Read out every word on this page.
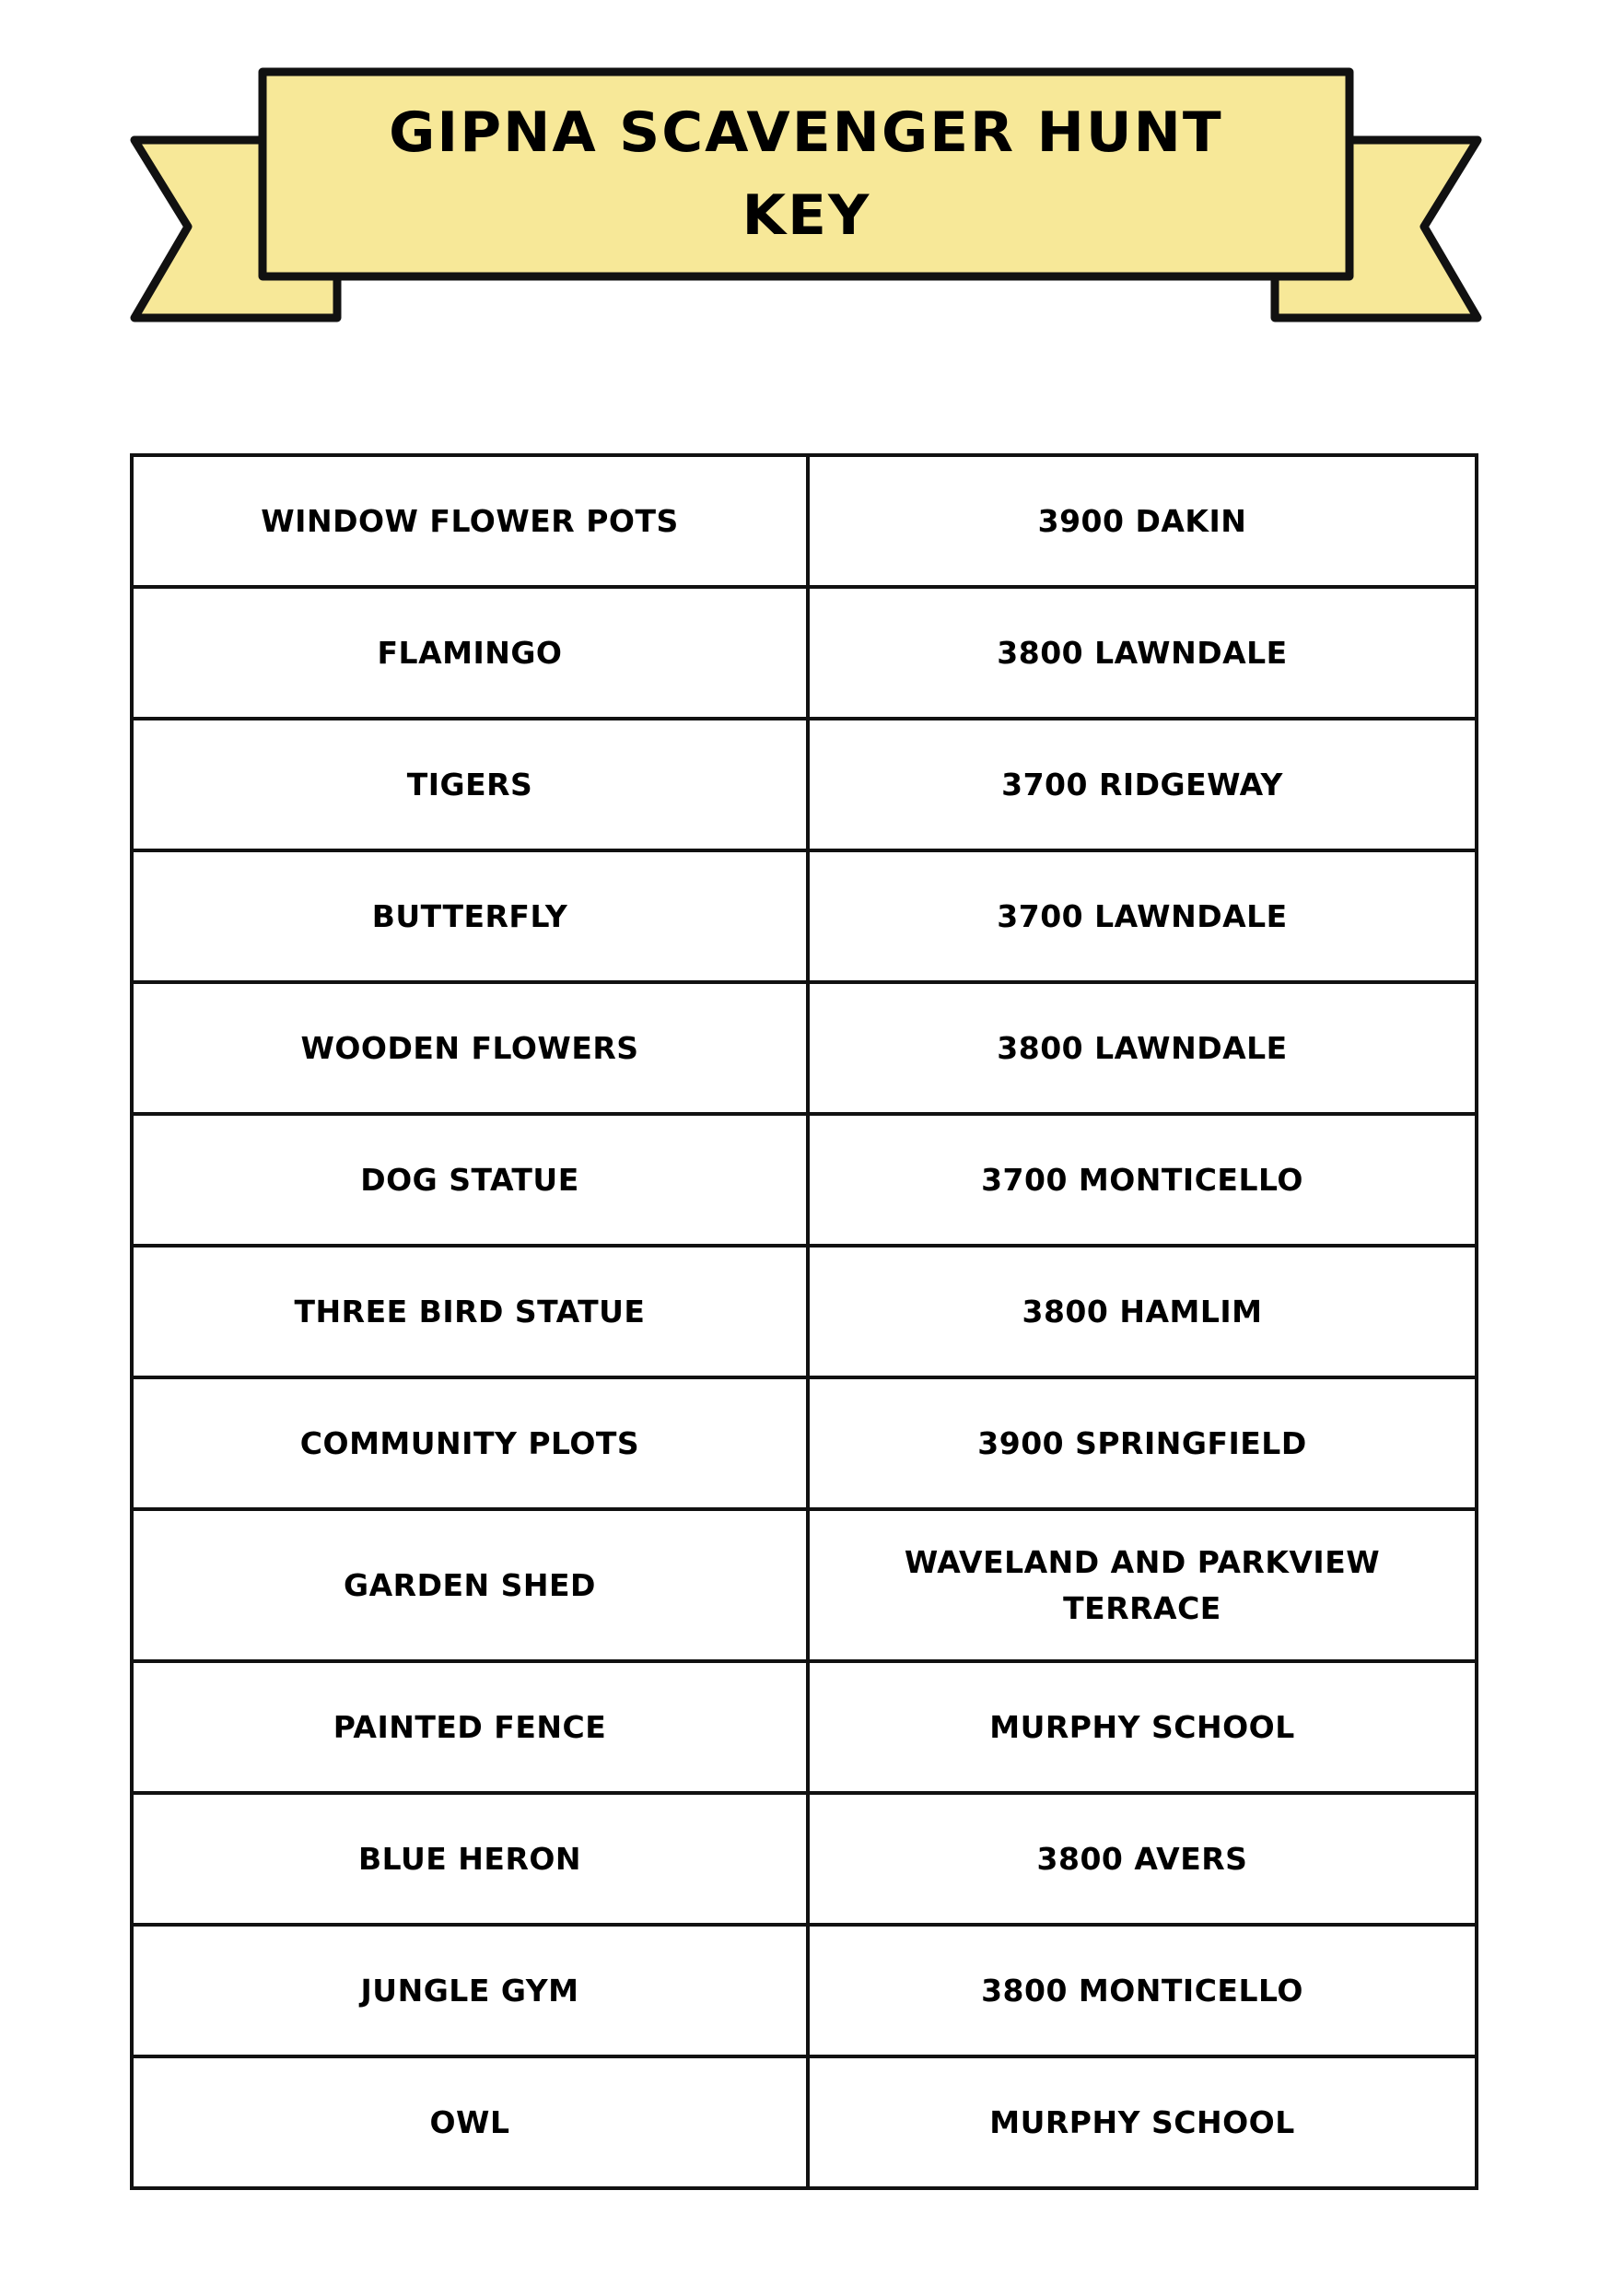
GIPNA SCAVENGER HUNT
KEY
WINDOW FLOWER POTS	3900 DAKIN
FLAMINGO	3800 LAWNDALE
TIGERS	3700 RIDGEWAY
BUTTERFLY	3700 LAWNDALE
WOODEN FLOWERS	3800 LAWNDALE
DOG STATUE	3700 MONTICELLO
THREE BIRD STATUE	3800 HAMLIM
COMMUNITY PLOTS	3900 SPRINGFIELD
GARDEN SHED	WAVELAND AND PARKVIEW TERRACE
PAINTED FENCE	MURPHY SCHOOL
BLUE HERON	3800 AVERS
JUNGLE GYM	3800 MONTICELLO
OWL	MURPHY SCHOOL
